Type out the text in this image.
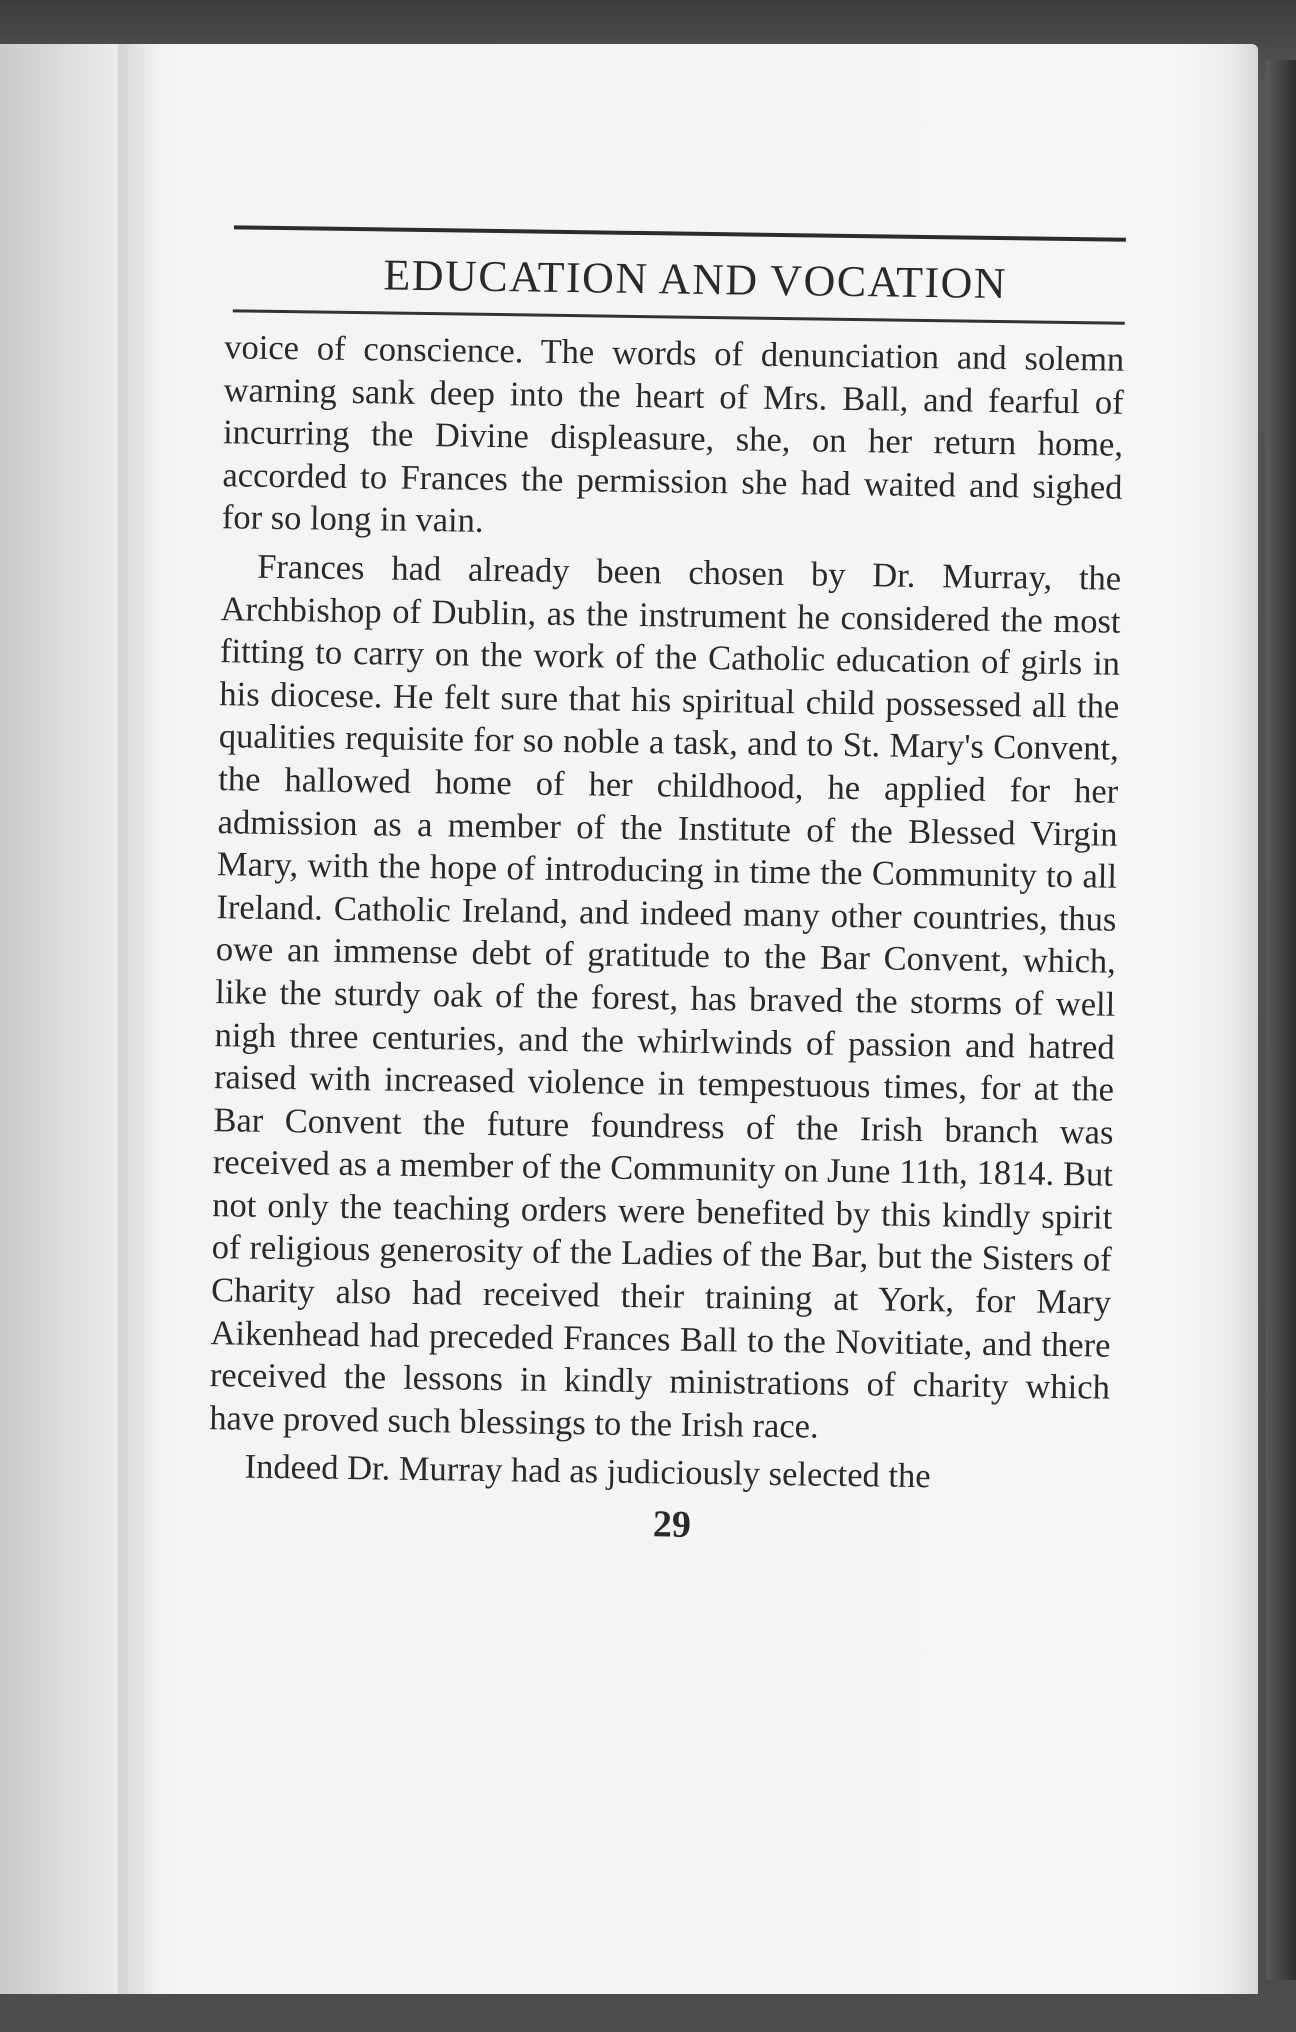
EDUCATION AND VOCATION

voice of conscience. The words of denunciation and solemn warning sank deep into the heart of Mrs. Ball, and fearful of incurring the Divine displeasure, she, on her return home, accorded to Frances the permission she had waited and sighed for so long in vain.

Frances had already been chosen by Dr. Murray, the Archbishop of Dublin, as the instrument he considered the most fitting to carry on the work of the Catholic education of girls in his diocese. He felt sure that his spiritual child possessed all the qualities requisite for so noble a task, and to St. Mary's Convent, the hallowed home of her childhood, he applied for her admission as a member of the Institute of the Blessed Virgin Mary, with the hope of introducing in time the Community to all Ireland. Catholic Ireland, and indeed many other countries, thus owe an immense debt of gratitude to the Bar Convent, which, like the sturdy oak of the forest, has braved the storms of well nigh three centuries, and the whirlwinds of passion and hatred raised with increased violence in tempestuous times, for at the Bar Convent the future foundress of the Irish branch was received as a member of the Community on June 11th, 1814. But not only the teaching orders were benefited by this kindly spirit of religious generosity of the Ladies of the Bar, but the Sisters of Charity also had received their training at York, for Mary Aikenhead had preceded Frances Ball to the Novitiate, and there received the lessons in kindly ministrations of charity which have proved such blessings to the Irish race.

Indeed Dr. Murray had as judiciously selected the

29
